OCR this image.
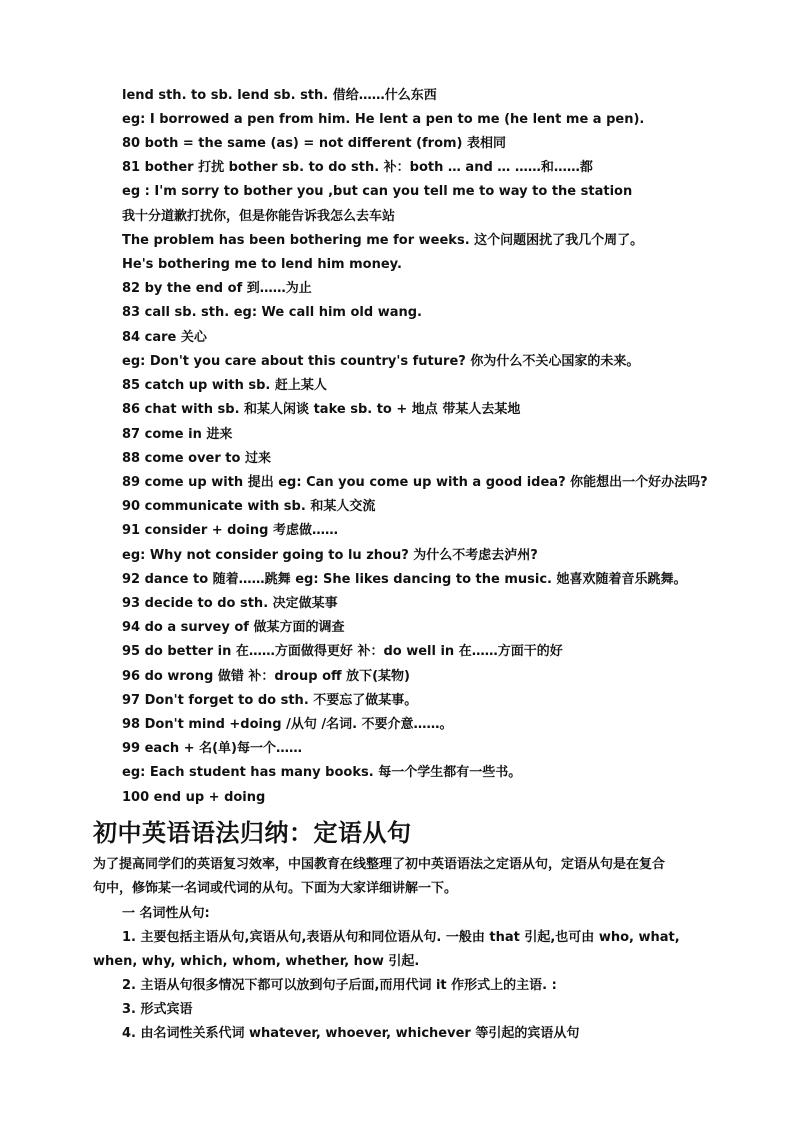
lend sth. to sb. lend sb. sth. 借给……什么东西
eg: I borrowed a pen from him. He lent a pen to me (he lent me a pen).
80 both = the same (as) = not different (from) 表相同
81 bother 打扰 bother sb. to do sth. 补：both … and … ……和……都
eg : I'm sorry to bother you ,but can you tell me to way to the station
我十分道歉打扰你，但是你能告诉我怎么去车站
The problem has been bothering me for weeks. 这个问题困扰了我几个周了。
He's bothering me to lend him money.
82 by the end of 到……为止
83 call sb. sth. eg: We call him old wang.
84 care 关心
eg: Don't you care about this country's future? 你为什么不关心国家的未来。
85 catch up with sb. 赶上某人
86 chat with sb. 和某人闲谈 take sb. to + 地点 带某人去某地
87 come in 进来
88 come over to 过来
89 come up with 提出 eg: Can you come up with a good idea? 你能想出一个好办法吗?
90 communicate with sb. 和某人交流
91 consider + doing 考虑做……
eg: Why not consider going to lu zhou? 为什么不考虑去泸州?
92 dance to 随着……跳舞 eg: She likes dancing to the music. 她喜欢随着音乐跳舞。
93 decide to do sth. 决定做某事
94 do a survey of 做某方面的调查
95 do better in 在……方面做得更好 补：do well in 在……方面干的好
96 do wrong 做错 补：droup off 放下(某物)
97 Don't forget to do sth. 不要忘了做某事。
98 Don't mind +doing /从句 /名词. 不要介意……。
99 each + 名(单)每一个……
eg: Each student has many books. 每一个学生都有一些书。
100 end up + doing
初中英语语法归纳：定语从句
为了提高同学们的英语复习效率，中国教育在线整理了初中英语语法之定语从句，定语从句是在复合
句中，修饰某一名词或代词的从句。下面为大家详细讲解一下。
一 名词性从句:
1. 主要包括主语从句,宾语从句,表语从句和同位语从句. 一般由 that 引起,也可由 who, what,
when, why, which, whom, whether, how 引起.
2. 主语从句很多情况下都可以放到句子后面,而用代词 it 作形式上的主语. :
3. 形式宾语
4. 由名词性关系代词 whatever, whoever, whichever 等引起的宾语从句
